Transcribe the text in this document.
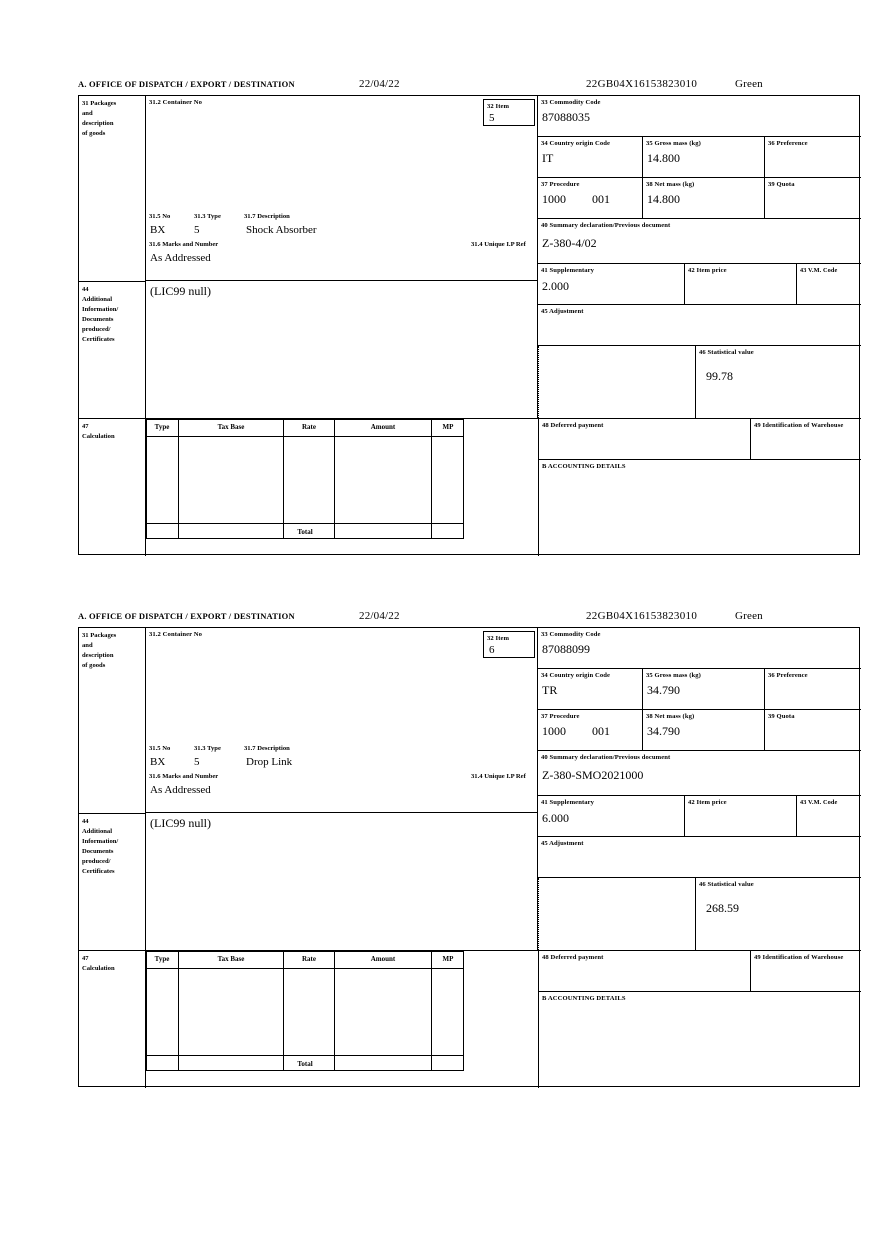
A. OFFICE OF DISPATCH / EXPORT / DESTINATION	22/04/22	22GB04X16153823010	Green
31 Packages
and
description
of goods
31.2 Container No
31.5 No	31.3 Type	31.7 Description
BX	5	Shock Absorber
31.6 Marks and Number	31.4 Unique I.P Ref
As Addressed
32 Item
5
33 Commodity Code
87088035
34 Country origin Code
IT
35 Gross mass (kg)
14.800
36 Preference
37 Procedure
1000	001
38 Net mass (kg)
14.800
39 Quota
40 Summary declaration/Previous document
Z-380-4/02
41 Supplementary
2.000
42 Item price	43 V.M. Code
44
Additional
Information/
Documents
produced/
Certificates
(LIC99 null)
45 Adjustment
46 Statistical value
99.78
47
Calculation
Type	Tax Base	Rate	Amount	MP
Total
48 Deferred payment	49 Identification of Warehouse
B ACCOUNTING DETAILS
A. OFFICE OF DISPATCH / EXPORT / DESTINATION	22/04/22	22GB04X16153823010	Green
31 Packages
and
description
of goods
31.2 Container No
31.5 No	31.3 Type	31.7 Description
BX	5	Drop Link
31.6 Marks and Number	31.4 Unique I.P Ref
As Addressed
32 Item
6
33 Commodity Code
87088099
34 Country origin Code
TR
35 Gross mass (kg)
34.790
36 Preference
37 Procedure
1000	001
38 Net mass (kg)
34.790
39 Quota
40 Summary declaration/Previous document
Z-380-SMO2021000
41 Supplementary
6.000
42 Item price	43 V.M. Code
44
Additional
Information/
Documents
produced/
Certificates
(LIC99 null)
45 Adjustment
46 Statistical value
268.59
47
Calculation
Type	Tax Base	Rate	Amount	MP
Total
48 Deferred payment	49 Identification of Warehouse
B ACCOUNTING DETAILS
